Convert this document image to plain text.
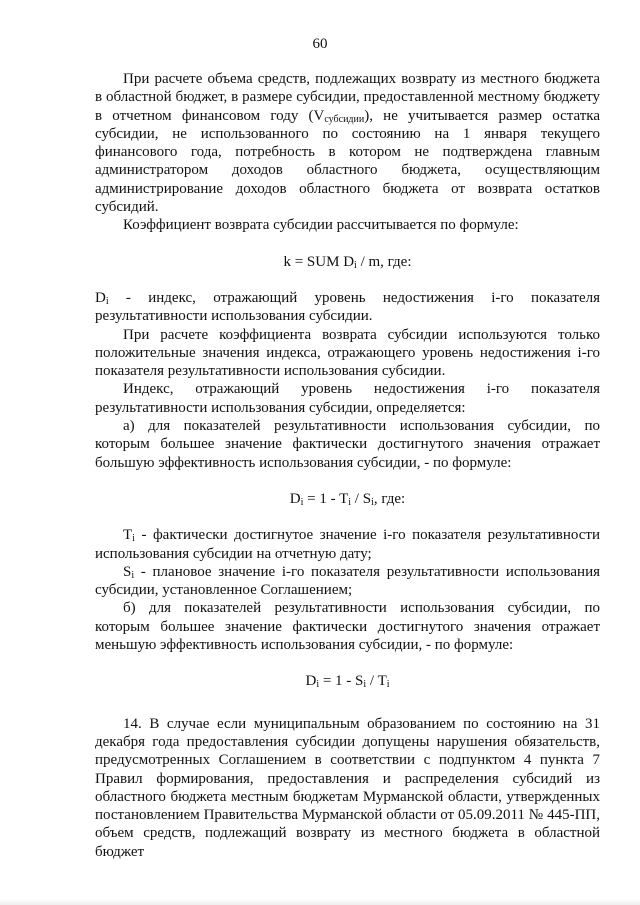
60

При расчете объема средств, подлежащих возврату из местного бюджета в областной бюджет, в размере субсидии, предоставленной местному бюджету в отчетном финансовом году $(V_{субсидии})$, не учитывается размер остатка субсидии, не использованного по состоянию на 1 января текущего финансового года, потребность в котором не подтверждена главным администратором доходов областного бюджета, осуществляющим администрирование доходов областного бюджета от возврата остатков субсидий.

Коэффициент возврата субсидии рассчитывается по формуле:

k = SUM $D_i$ / m, где:

$D_i$ - индекс, отражающий уровень недостижения i-го показателя результативности использования субсидии.

При расчете коэффициента возврата субсидии используются только положительные значения индекса, отражающего уровень недостижения i-го показателя результативности использования субсидии.

Индекс, отражающий уровень недостижения i-го показателя результативности использования субсидии, определяется:

а) для показателей результативности использования субсидии, по которым большее значение фактически достигнутого значения отражает большую эффективность использования субсидии, - по формуле:

$D_i = 1 - T_i / S_i$, где:

$T_i$ - фактически достигнутое значение i-го показателя результативности использования субсидии на отчетную дату;

$S_i$ - плановое значение i-го показателя результативности использования субсидии, установленное Соглашением;

б) для показателей результативности использования субсидии, по которым большее значение фактически достигнутого значения отражает меньшую эффективность использования субсидии, - по формуле:

$D_i = 1 - S_i / T_i$

14. В случае если муниципальным образованием по состоянию на 31 декабря года предоставления субсидии допущены нарушения обязательств, предусмотренных Соглашением в соответствии с подпунктом 4 пункта 7 Правил формирования, предоставления и распределения субсидий из областного бюджета местным бюджетам Мурманской области, утвержденных постановлением Правительства Мурманской области от 05.09.2011 № 445-ПП, объем средств, подлежащий возврату из местного бюджета в областной бюджет
